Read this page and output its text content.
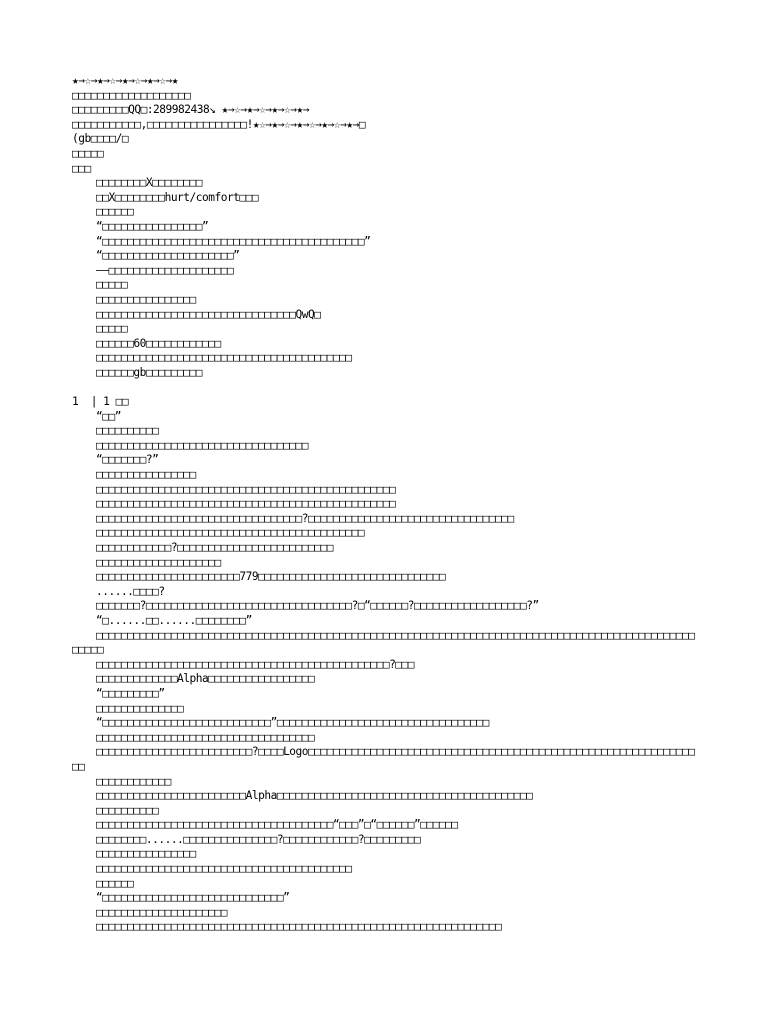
★→☆→★→☆→★→☆→★→☆→★
□□□□□□□□□□□□□□□□□□□
□□□□□□□□□QQ□:289982438↘ ★→☆→★→☆→★→☆→★→
□□□□□□□□□□□,□□□□□□□□□□□□□□□□!★☆→★→☆→★→☆→★→☆→★→□
(gb□□□□/□
□□□□□
□□□
□□□□□□□□X□□□□□□□□
□□X□□□□□□□□hurt/comfort□□□
□□□□□□
“□□□□□□□□□□□□□□□□”
“□□□□□□□□□□□□□□□□□□□□□□□□□□□□□□□□□□□□□□□□□□”
“□□□□□□□□□□□□□□□□□□□□□”
——□□□□□□□□□□□□□□□□□□□□
□□□□□
□□□□□□□□□□□□□□□□
□□□□□□□□□□□□□□□□□□□□□□□□□□□□□□□□QwQ□
□□□□□
□□□□□□60□□□□□□□□□□□□
□□□□□□□□□□□□□□□□□□□□□□□□□□□□□□□□□□□□□□□□□
□□□□□□gb□□□□□□□□□
1  | 1 □□
“□□”
□□□□□□□□□□
□□□□□□□□□□□□□□□□□□□□□□□□□□□□□□□□□□
“□□□□□□□?”
□□□□□□□□□□□□□□□□
□□□□□□□□□□□□□□□□□□□□□□□□□□□□□□□□□□□□□□□□□□□□□□□□
□□□□□□□□□□□□□□□□□□□□□□□□□□□□□□□□□□□□□□□□□□□□□□□□
□□□□□□□□□□□□□□□□□□□□□□□□□□□□□□□□□?□□□□□□□□□□□□□□□□□□□□□□□□□□□□□□□□□
□□□□□□□□□□□□□□□□□□□□□□□□□□□□□□□□□□□□□□□□□□□
□□□□□□□□□□□□?□□□□□□□□□□□□□□□□□□□□□□□□□
□□□□□□□□□□□□□□□□□□□□
□□□□□□□□□□□□□□□□□□□□□□□779□□□□□□□□□□□□□□□□□□□□□□□□□□□□□□
......□□□□?
□□□□□□□?□□□□□□□□□□□□□□□□□□□□□□□□□□□□□□□□□?□“□□□□□□?□□□□□□□□□□□□□□□□□□?”
“□......□□......□□□□□□□□”
□□□□□□□□□□□□□□□□□□□□□□□□□□□□□□□□□□□□□□□□□□□□□□□□□□□□□□□□□□□□□□□□□□□□□□□□□□□□□□□□□□□□□□□□□□□□□□□□□□□□□
□□□□□□□□□□□□□□□□□□□□□□□□□□□□□□□□□□□□□□□□□□□□□□□?□□□
□□□□□□□□□□□□□Alpha□□□□□□□□□□□□□□□□□
“□□□□□□□□□”
□□□□□□□□□□□□□□
“□□□□□□□□□□□□□□□□□□□□□□□□□□□”□□□□□□□□□□□□□□□□□□□□□□□□□□□□□□□□□□
□□□□□□□□□□□□□□□□□□□□□□□□□□□□□□□□□□□
□□□□□□□□□□□□□□□□□□□□□□□□□?□□□□Logo□□□□□□□□□□□□□□□□□□□□□□□□□□□□□□□□□□□□□□□□□□□□□□□□□□□□□□□□□□□□□□□□
□□□□□□□□□□□□
□□□□□□□□□□□□□□□□□□□□□□□□Alpha□□□□□□□□□□□□□□□□□□□□□□□□□□□□□□□□□□□□□□□□□
□□□□□□□□□□
□□□□□□□□□□□□□□□□□□□□□□□□□□□□□□□□□□□□□□“□□□”□“□□□□□□”□□□□□□
□□□□□□□□......□□□□□□□□□□□□□□□?□□□□□□□□□□□□?□□□□□□□□□
□□□□□□□□□□□□□□□□
□□□□□□□□□□□□□□□□□□□□□□□□□□□□□□□□□□□□□□□□□
□□□□□□
“□□□□□□□□□□□□□□□□□□□□□□□□□□□□□”
□□□□□□□□□□□□□□□□□□□□□
□□□□□□□□□□□□□□□□□□□□□□□□□□□□□□□□□□□□□□□□□□□□□□□□□□□□□□□□□□□□□□□□□
